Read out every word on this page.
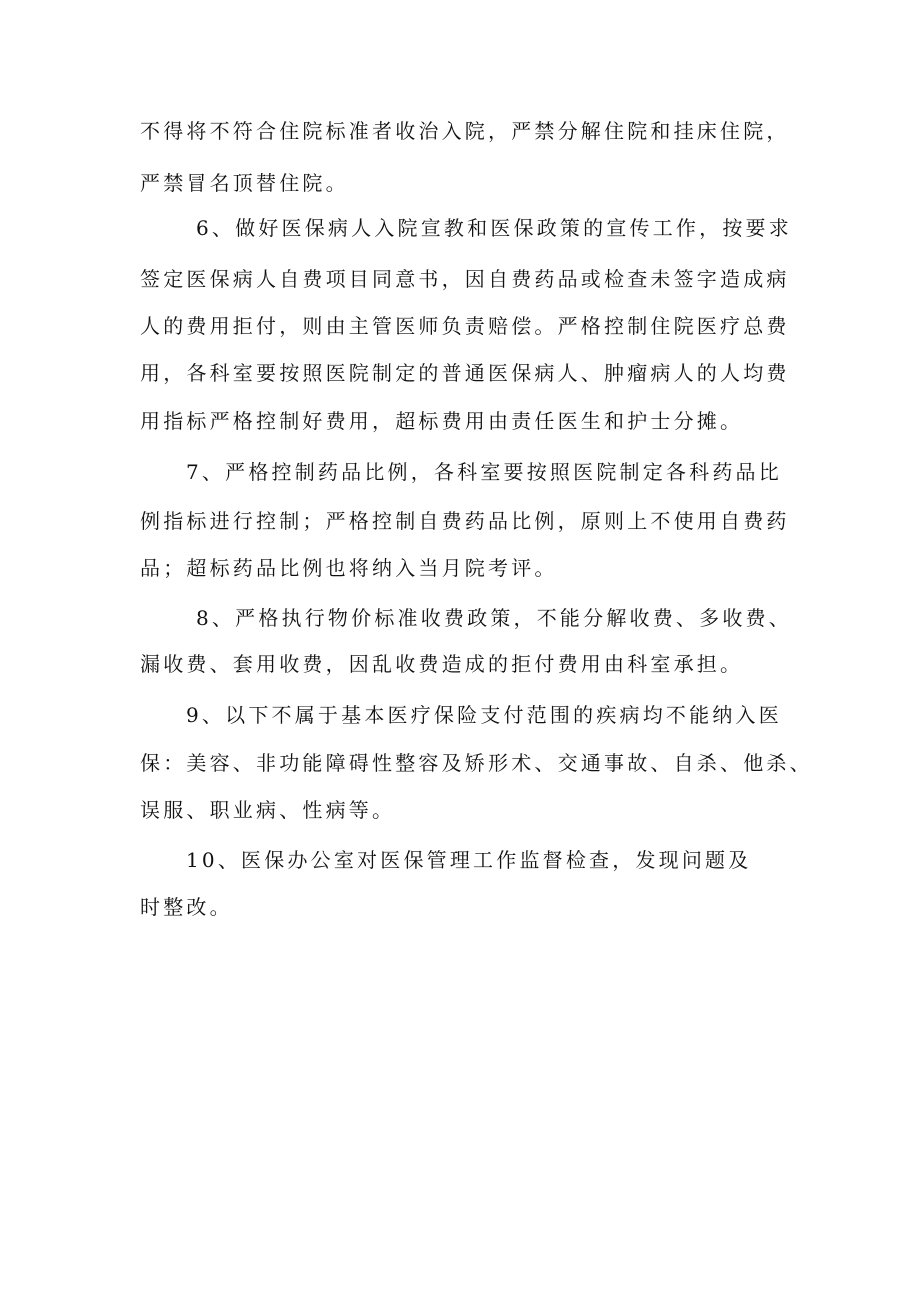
不得将不符合住院标准者收治入院，严禁分解住院和挂床住院，
严禁冒名顶替住院。
6、做好医保病人入院宣教和医保政策的宣传工作，按要求
签定医保病人自费项目同意书，因自费药品或检查未签字造成病
人的费用拒付，则由主管医师负责赔偿。严格控制住院医疗总费
用，各科室要按照医院制定的普通医保病人、肿瘤病人的人均费
用指标严格控制好费用，超标费用由责任医生和护士分摊。
7、严格控制药品比例，各科室要按照医院制定各科药品比
例指标进行控制；严格控制自费药品比例，原则上不使用自费药
品；超标药品比例也将纳入当月院考评。
8、严格执行物价标准收费政策，不能分解收费、多收费、
漏收费、套用收费，因乱收费造成的拒付费用由科室承担。
9、以下不属于基本医疗保险支付范围的疾病均不能纳入医
保：美容、非功能障碍性整容及矫形术、交通事故、自杀、他杀、
误服、职业病、性病等。
10、医保办公室对医保管理工作监督检查，发现问题及
时整改。
